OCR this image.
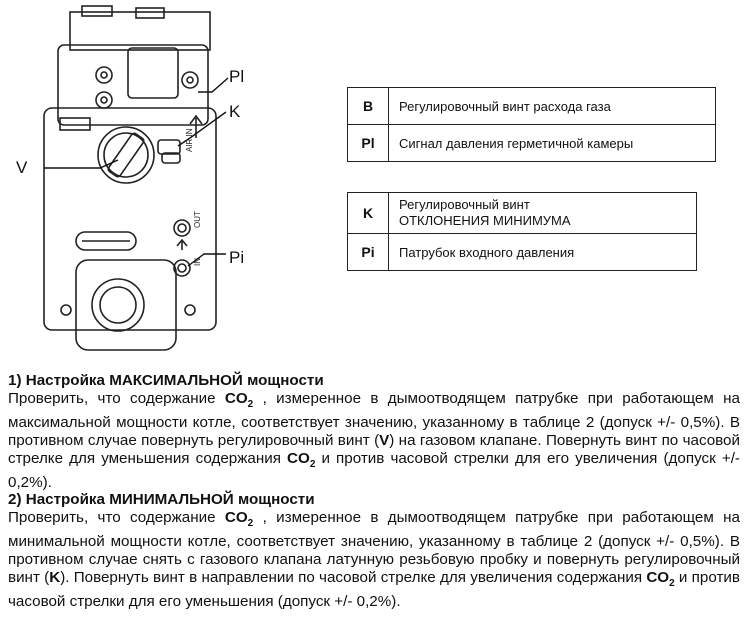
AIR IN
OUT
IN
Pl
K
V
Pi
B	Регулировочный винт расхода газа
Pl	Сигнал давления герметичной камеры
K	Регулировочный винт
ОТКЛОНЕНИЯ МИНИМУМА
Pi	Патрубок входного давления
1) Настройка МАКСИМАЛЬНОЙ мощности

Проверить, что содержание $CO_2$ , измеренное в дымоотводящем патрубке при работающем на максимальной мощности котле, соответствует значению, указанному в таблице 2 (допуск +/- 0,5%). В противном случае повернуть регулировочный винт (V) на газовом клапане. Повернуть винт по часовой стрелке для уменьшения содержания $CO_2$ и против часовой стрелки для его увеличения (допуск +/- 0,2%).

2) Настройка МИНИМАЛЬНОЙ мощности

Проверить, что содержание $CO_2$ , измеренное в дымоотводящем патрубке при работающем на минимальной мощности котле, соответствует значению, указанному в таблице 2 (допуск +/- 0,5%). В противном случае снять с газового клапана латунную резьбовую пробку и повернуть регулировочный винт (K). Повернуть винт в направлении по часовой стрелке для увеличения содержания $CO_2$ и против часовой стрелки для его уменьшения (допуск +/- 0,2%).
